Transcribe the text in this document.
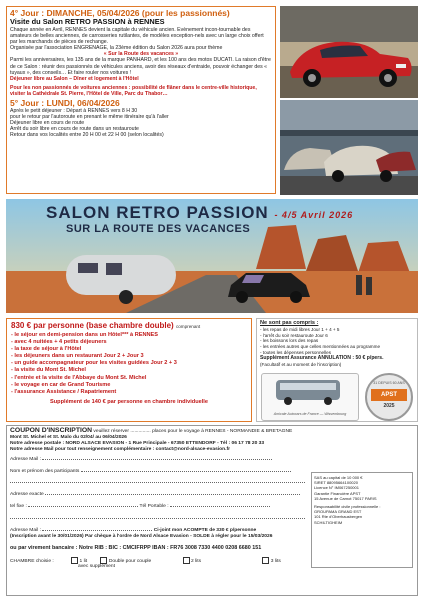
4° Jour : DIMANCHE, 05/04/2026 (pour les passionnés)
Visite du Salon RETRO PASSION à RENNES
Chaque année en Avril, RENNES devient la capitale du véhicule ancien. Evènement incon-tournable des amateurs de belles anciennes, de carrosseries rutilantes, de modèles exception-nels avec un large choix offert par les marchands de pièces de rechange.
Organisée par l'association ENGRENAGE, la 23ème édition du Salon 2026 aura pour thème
« Sur la Route des vacances »
Parmi les anniversaires, les 135 ans de la marque PANHARD, et les 100 ans des motos DUCATI. La raison d'être de ce Salon : réunir des passionnés de véhicules anciens, avoir des réseaux d'entraide, pouvoir échanger des « tuyaux », des conseils… Et faire rouler nos voitures !
Déjeuner libre au Salon – Dîner et logement à l'Hôtel
Pour les non passionnés de voitures anciennes : possibilité de flâner dans le centre-ville historique, visiter la Cathédrale St. Pierre, l'Hôtel de Ville, Parc du Thabor…
5° Jour : LUNDI, 06/04/2026
Après le petit déjeuner : Départ à RENNES vers 8 H 30
pour le retour par l'autoroute en prenant le même itinéraire qu'à l'aller
Déjeuner libre en cours de route
Arrêt du soir libre en cours de route dans un restauroute
Retour dans vos localités entre 20 H 00 et 22 H 00 (selon localités)
SALON RETRO PASSION - 4/5 Avril 2026
SUR LA ROUTE DES VACANCES
830 € par personne (base chambre double) comprenant
- le séjour en demi-pension dans un Hôtel*** à RENNES
- avec 4 nuitées + 4 petits déjeuners
- la taxe de séjour à l'Hôtel
- les déjeuners dans un restaurant Jour 2 + Jour 3
- un guide accompagnateur pour les visites guidées Jour 2 + 3
- la visite du Mont St. Michel
- l'entrée et la visite de l'Abbaye du Mont St. Michel
- le voyage en car de Grand Tourisme
- l'assurance Assistance / Rapatriement
Supplément de 140 € par personne en chambre individuelle
Ne sont pas compris :
- les repas de midi libres Jour 1 + 4 + 5
- l'arrêt du soir restauroute Jour 6
- les boissons lors des repas
- les entrées autres que celles mentionnées au programme
- toutes les dépenses personnelles
Supplément Assurance ANNULATION : 50 € p/pers.
(Facultatif et au moment de l'inscription)
Amicale Autocars de France — Wissembourg
31 DEPUIS 60 ANS
APST
2025
COUPON D'INSCRIPTION veuillez réserver ............... places pour le voyage à RENNES - NORMANDIE & BRETAGNE
Mont St. Michel et St. Malo du 02/04/ au 06/04/2026
Notre adresse postale : NORD ALSACE EVASION - 1 Rue Principale - 67350 ETTENDORF - Tél : 06 17 78 20 33
Notre adresse Mail pour tout renseignement complémentaire : contact@nord-alsace-evasion.fr
Adresse Mail :
Nom et prénom des participants
Adresse exacte
tel fixe :	Tél Portable :
Adresse Mail :	Ci-joint mon ACOMPTE de 330 € p/personne
(Inscription avant le 30/01/2026) Par chèque à l'ordre de Nord Alsace Evasion - SOLDE à régler pour le 15/03/2026
ou par virement bancaire : Notre RIB : BIC : CMCIFRPP IBAN : FR76 3008 7330 4400 0208 6680 151
CHAMBRE choisie :	1 lit	Double pour couple	2 lits	3 lits
avec supplément
SAS au capital de 10 000 €
SIRET 88095664100020
Licence N° IM067250001
Garantie Financière APST
15 Avenue de Carnot 75017 PARIS
Responsabilité civile professionnelle :
GROUPAMA GRAND EST
101 Rte d'Oberhausbergen
SCHILTIGHEIM
